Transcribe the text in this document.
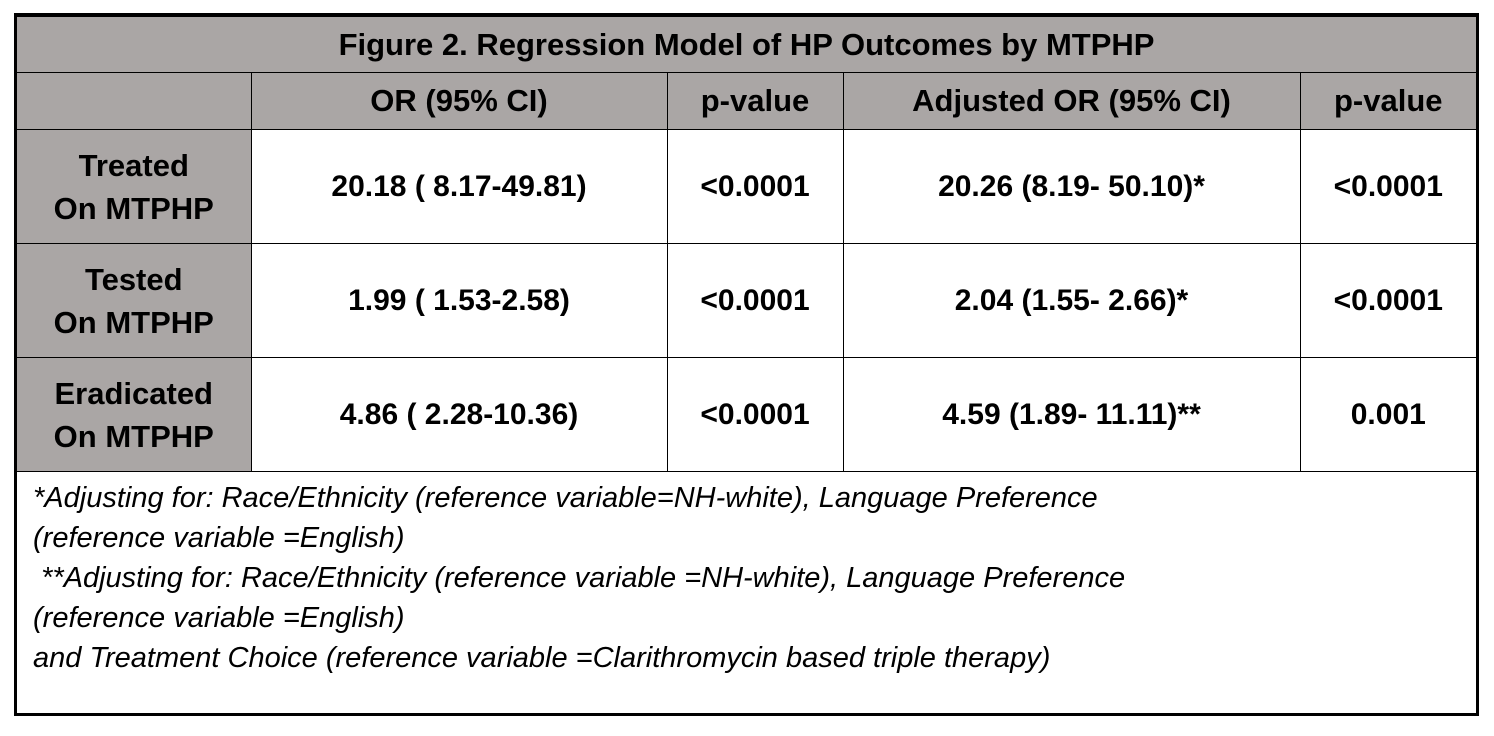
Figure 2. Regression Model of HP Outcomes by MTPHP				
	OR (95% CI)	p-value	Adjusted OR (95% CI)	p-value

Treated
On MTPHP	20.18 ( 8.17-49.81)	<0.0001	20.26 (8.19- 50.10)*	<0.0001

Tested
On MTPHP	1.99 ( 1.53-2.58)	<0.0001	2.04 (1.55- 2.66)*	<0.0001

Eradicated
On MTPHP	4.86 ( 2.28-10.36)	<0.0001	4.59 (1.89- 11.11)**	0.001
*Adjusting for: Race/Ethnicity (reference variable=NH-white), Language Preference
(reference variable =English)
**Adjusting for: Race/Ethnicity (reference variable =NH-white), Language Preference
(reference variable =English)
and Treatment Choice (reference variable =Clarithromycin based triple therapy)
